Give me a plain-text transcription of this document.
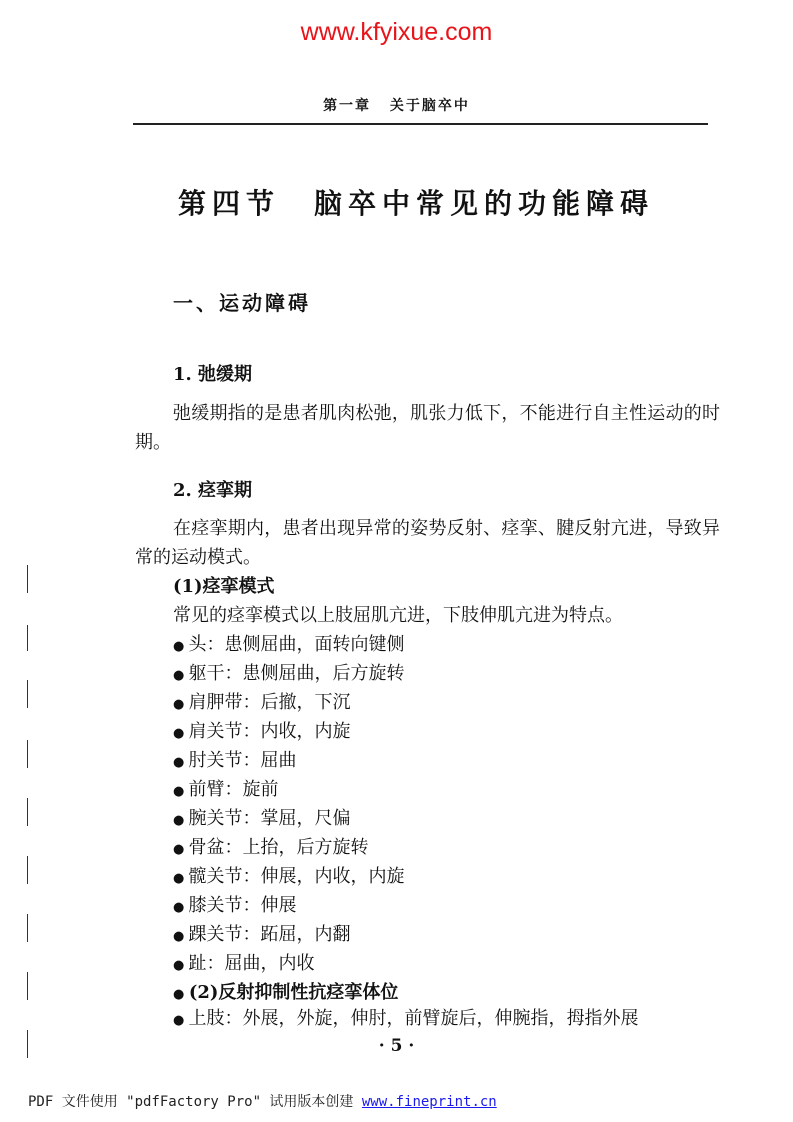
www.kfyixue.com
第一章 关于脑卒中
第四节　脑卒中常见的功能障碍
一、运动障碍
1. 弛缓期
弛缓期指的是患者肌肉松弛，肌张力低下，不能进行自主性运动的时期。
2. 痉挛期
在痉挛期内，患者出现异常的姿势反射、痉挛、腱反射亢进，导致异常的运动模式。
(1)痉挛模式
常见的痉挛模式以上肢屈肌亢进，下肢伸肌亢进为特点。
● 头：患侧屈曲，面转向键侧
● 躯干：患侧屈曲，后方旋转
● 肩胛带：后撤，下沉
● 肩关节：内收，内旋
● 肘关节：屈曲
● 前臂：旋前
● 腕关节：掌屈，尺偏
● 骨盆：上抬，后方旋转
● 髋关节：伸展，内收，内旋
● 膝关节：伸展
● 踝关节：跖屈，内翻
● 趾：屈曲，内收
● (2)反射抑制性抗痉挛体位
● 上肢：外展，外旋，伸肘，前臂旋后，伸腕指，拇指外展
· 5 ·
PDF 文件使用 "pdfFactory Pro" 试用版本创建 www.fineprint.cn
